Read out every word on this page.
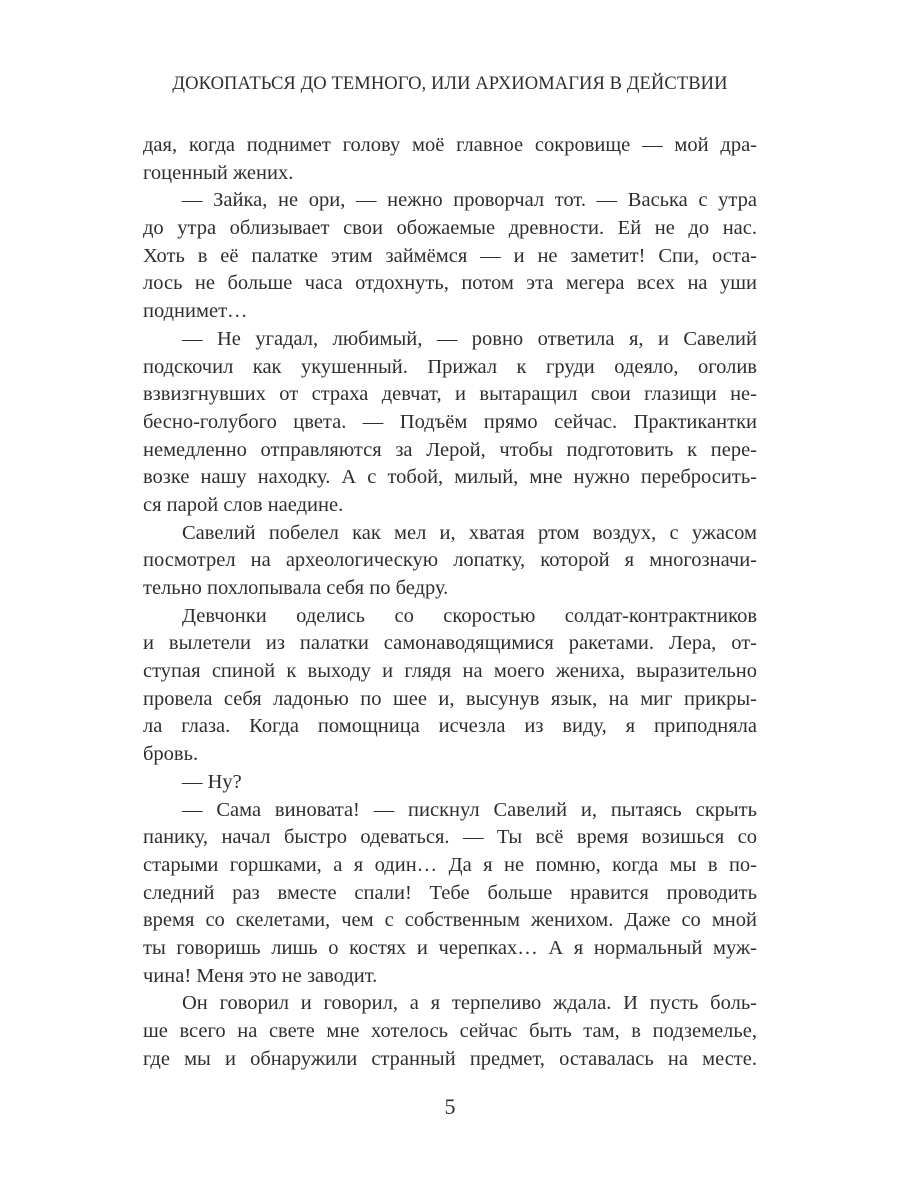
ДОКОПАТЬСЯ ДО ТЕМНОГО, ИЛИ АРХИОМАГИЯ В ДЕЙСТВИИ
дая, когда поднимет голову моё главное сокровище — мой дра-
гоценный жених.
— Зайка, не ори, — нежно проворчал тот. — Васька с утра
до утра облизывает свои обожаемые древности. Ей не до нас.
Хоть в её палатке этим займёмся — и не заметит! Спи, оста-
лось не больше часа отдохнуть, потом эта мегера всех на уши
поднимет…
— Не угадал, любимый, — ровно ответила я, и Савелий
подскочил как укушенный. Прижал к груди одеяло, оголив
взвизгнувших от страха девчат, и вытаращил свои глазищи не-
бесно-голубого цвета. — Подъём прямо сейчас. Практикантки
немедленно отправляются за Лерой, чтобы подготовить к пере-
возке нашу находку. А с тобой, милый, мне нужно перебросить-
ся парой слов наедине.
Савелий побелел как мел и, хватая ртом воздух, с ужасом
посмотрел на археологическую лопатку, которой я многозначи-
тельно похлопывала себя по бедру.
Девчонки оделись со скоростью солдат-контрактников
и вылетели из палатки самонаводящимися ракетами. Лера, от-
ступая спиной к выходу и глядя на моего жениха, выразительно
провела себя ладонью по шее и, высунув язык, на миг прикры-
ла глаза. Когда помощница исчезла из виду, я приподняла
бровь.
— Ну?
— Сама виновата! — пискнул Савелий и, пытаясь скрыть
панику, начал быстро одеваться. — Ты всё время возишься со
старыми горшками, а я один… Да я не помню, когда мы в по-
следний раз вместе спали! Тебе больше нравится проводить
время со скелетами, чем с собственным женихом. Даже со мной
ты говоришь лишь о костях и черепках… А я нормальный муж-
чина! Меня это не заводит.
Он говорил и говорил, а я терпеливо ждала. И пусть боль-
ше всего на свете мне хотелось сейчас быть там, в подземелье,
где мы и обнаружили странный предмет, оставалась на месте.
5
